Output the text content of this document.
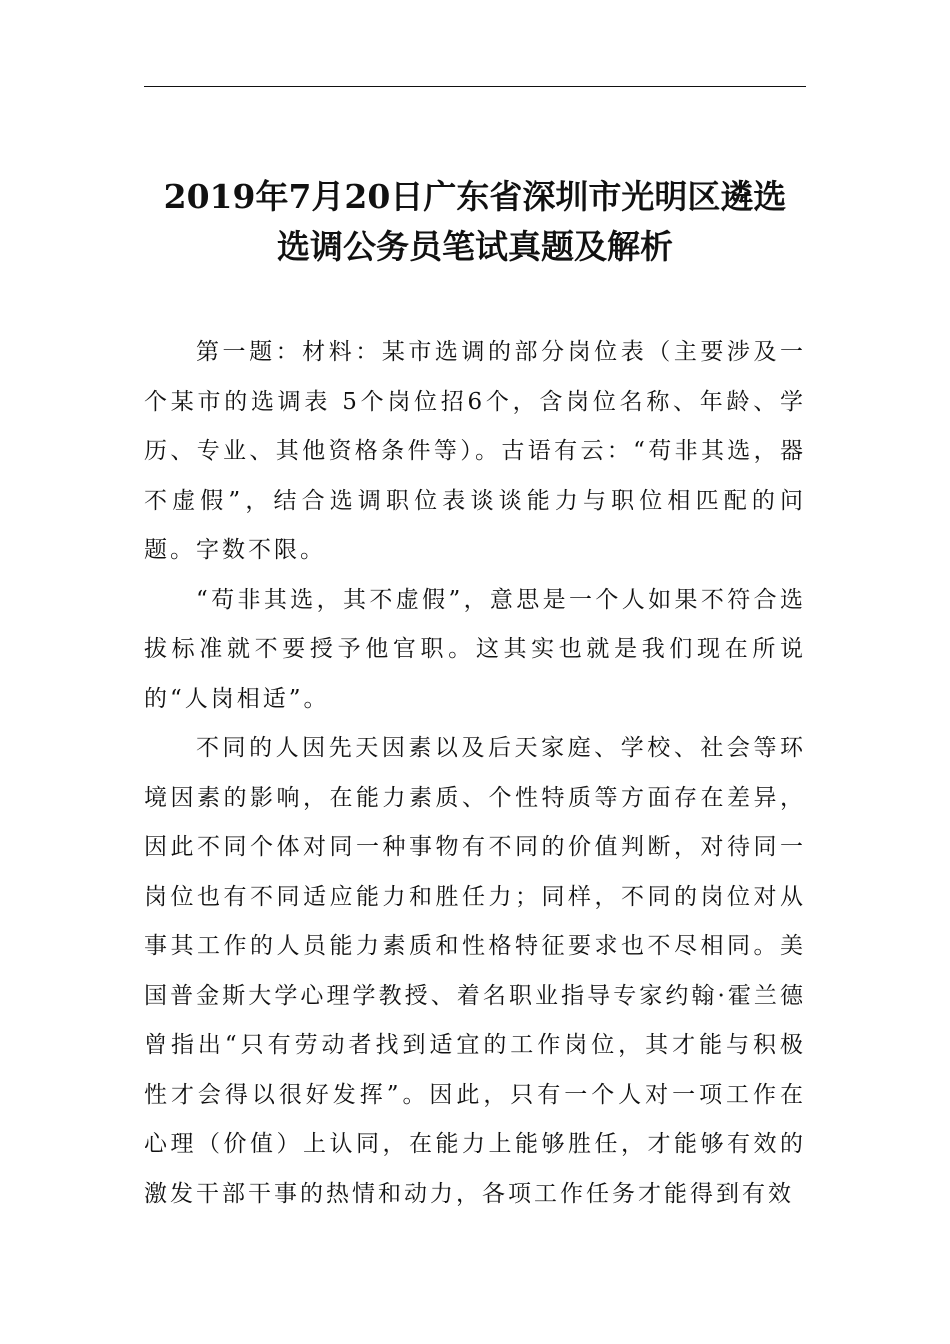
2019年7月20日广东省深圳市光明区遴选
选调公务员笔试真题及解析

第一题：材料：某市选调的部分岗位表（主要涉及一个某市的选调表 5个岗位招6个，含岗位名称、年龄、学历、专业、其他资格条件等）。古语有云：“苟非其选，器不虚假”，结合选调职位表谈谈能力与职位相匹配的问题。字数不限。

“苟非其选，其不虚假”，意思是一个人如果不符合选拔标准就不要授予他官职。这其实也就是我们现在所说的“人岗相适”。

不同的人因先天因素以及后天家庭、学校、社会等环境因素的影响，在能力素质、个性特质等方面存在差异，因此不同个体对同一种事物有不同的价值判断，对待同一岗位也有不同适应能力和胜任力；同样，不同的岗位对从事其工作的人员能力素质和性格特征要求也不尽相同。美国普金斯大学心理学教授、着名职业指导专家约翰·霍兰德曾指出“只有劳动者找到适宜的工作岗位，其才能与积极性才会得以很好发挥”。因此，只有一个人对一项工作在心理（价值）上认同，在能力上能够胜任，才能够有效的激发干部干事的热情和动力，各项工作任务才能得到有效
